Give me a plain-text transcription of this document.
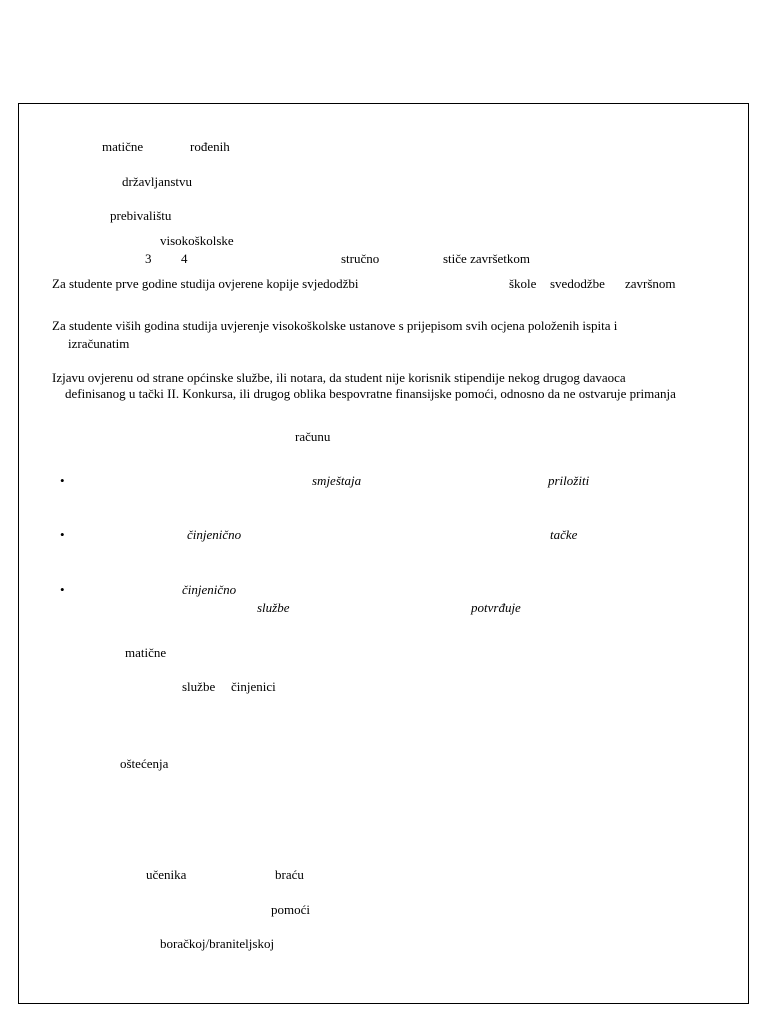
matične	rođenih
državljanstvu
prebivalištu
visokoškolske
3 4	stručno	stiče završetkom
Za studente prve godine studija ovjerene kopije svjedodžbi	škole svedodžbe završnom
Za studente viših godina studija uvjerenje visokoškolske ustanove s prijepisom svih ocjena položenih ispita i
izračunatim
Izjavu ovjerenu od strane općinske službe, ili notara, da student nije korisnik stipendije nekog drugog davaoca
definisanog u tački II. Konkursa, ili drugog oblika bespovratne finansijske pomoći, odnosno da ne ostvaruje primanja
računu
•	smještaja	priložiti
•	činjenično	tačke
•	činjenično
službe	potvrđuje
matične
službe činjenici
oštećenja
učenika	braću
pomoći
boračkoj/braniteljskoj
